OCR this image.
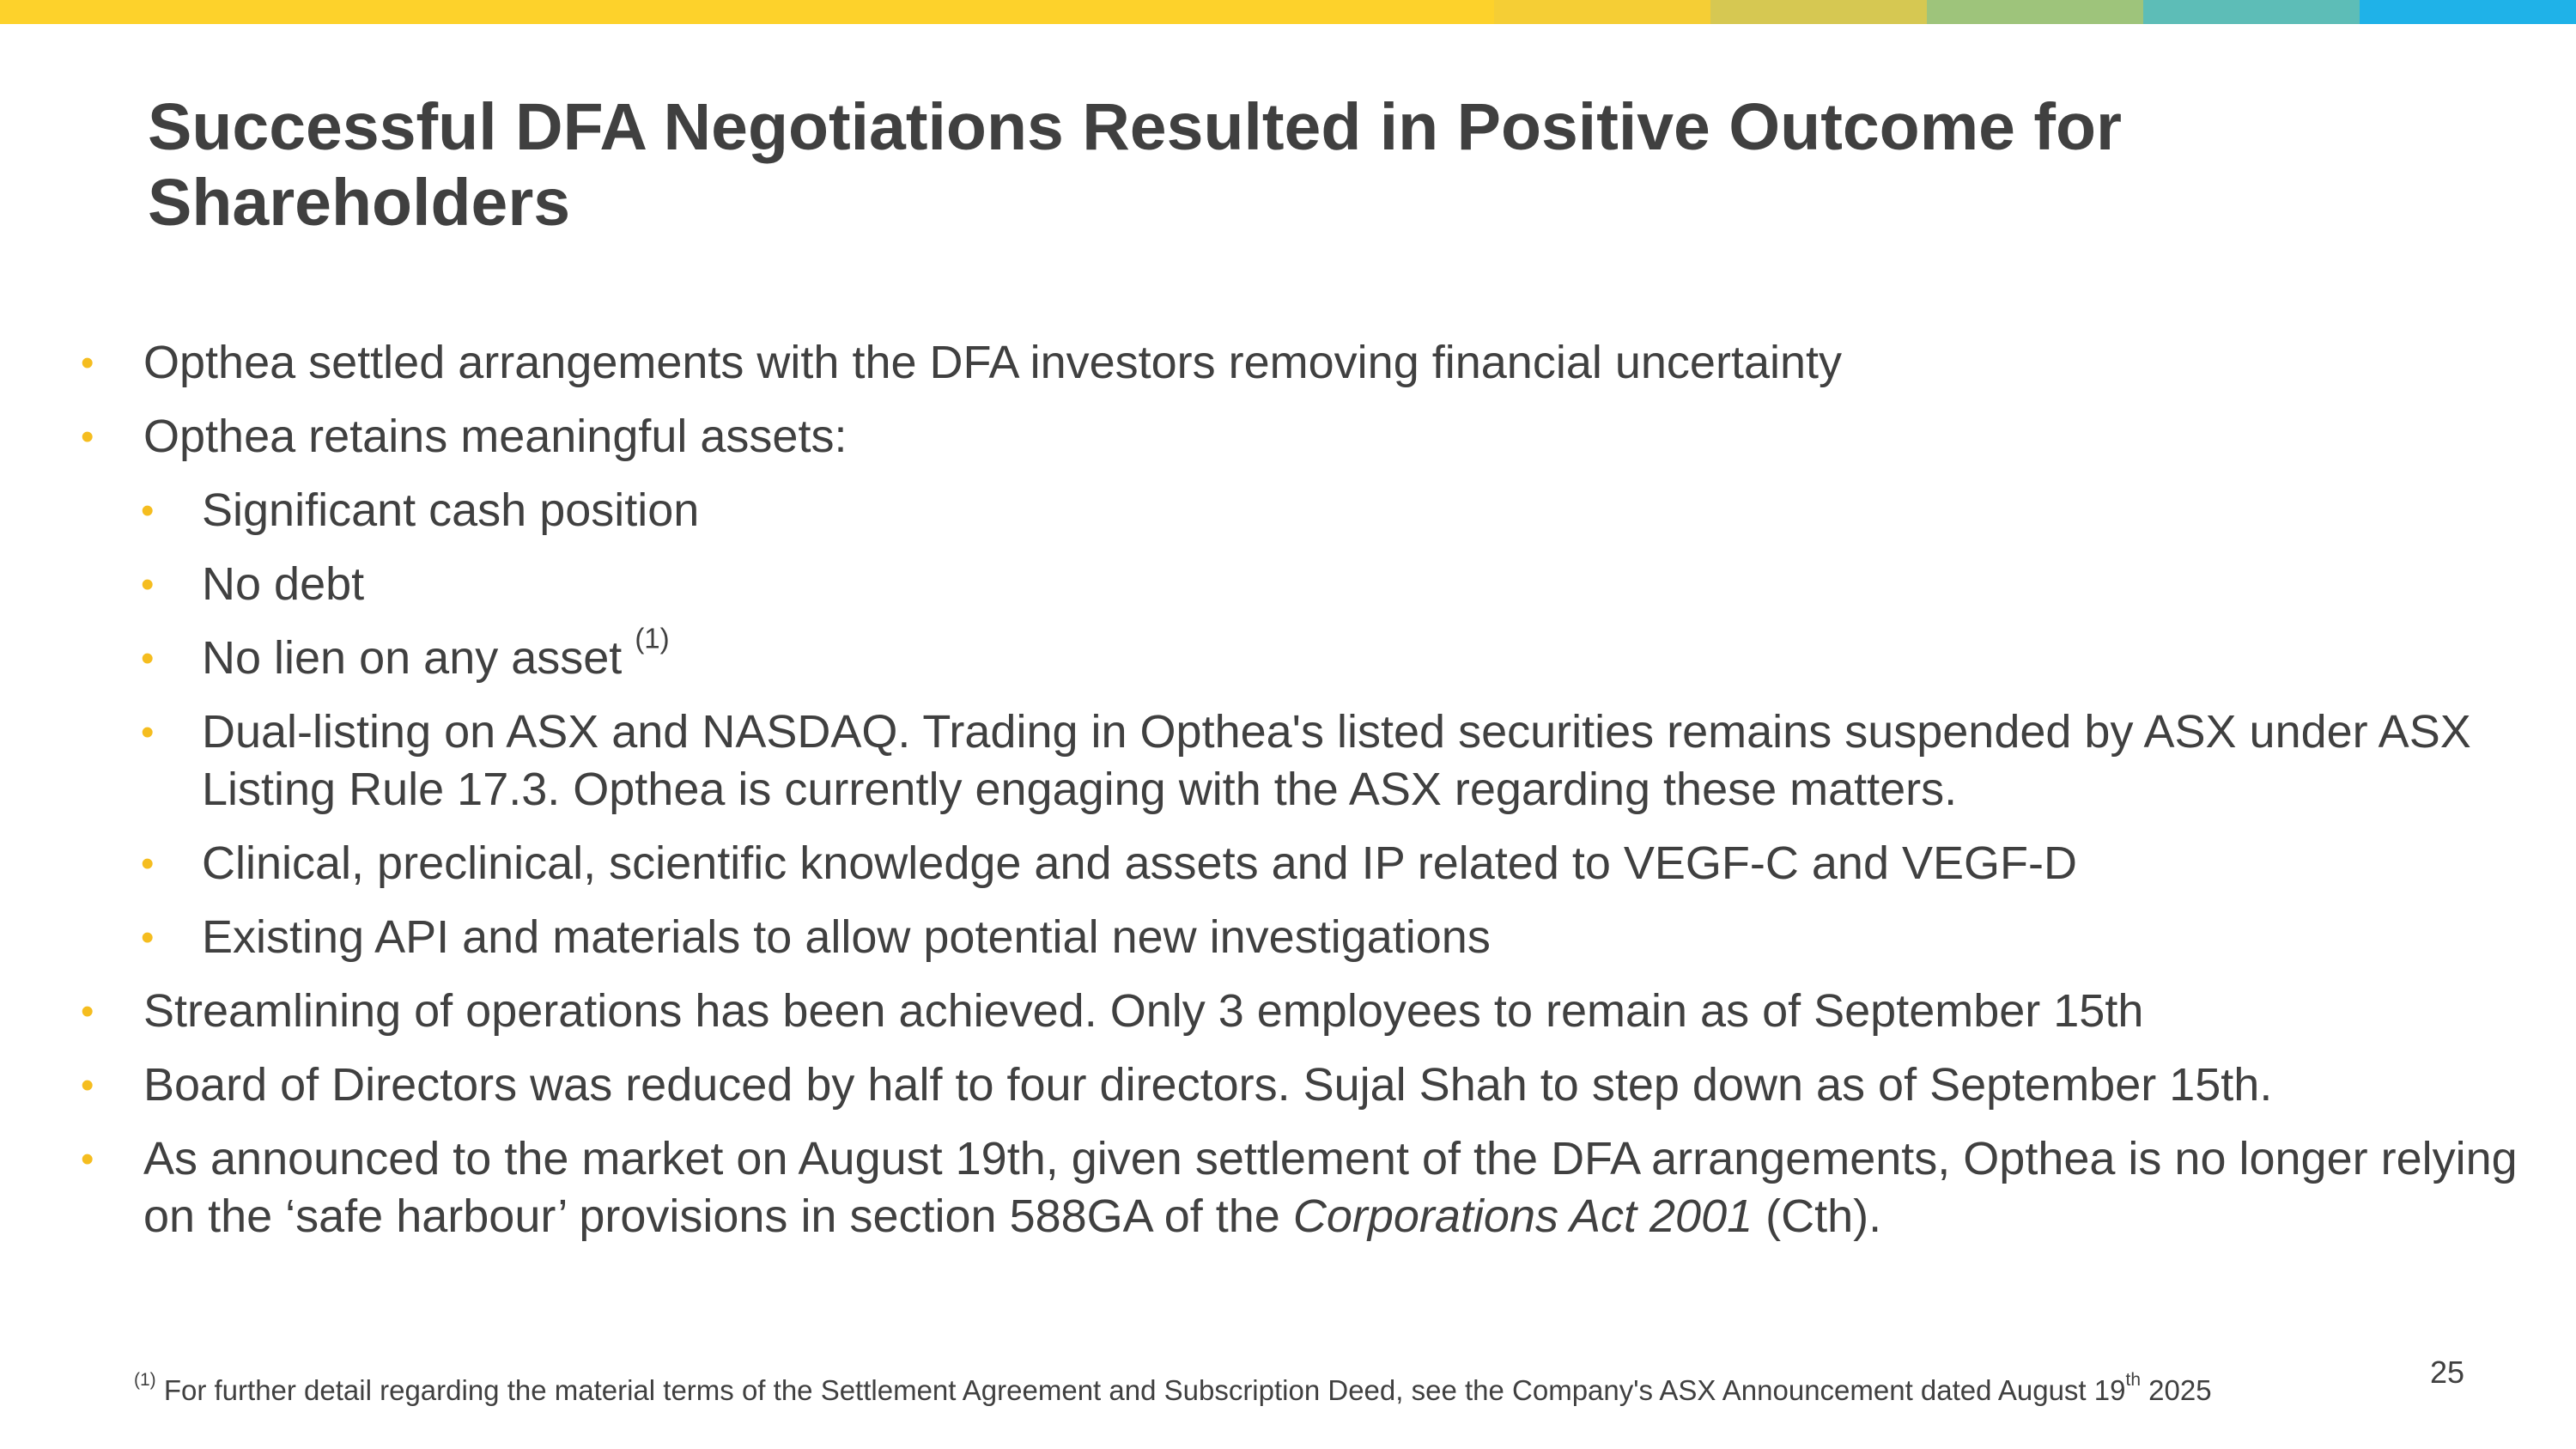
Successful DFA Negotiations Resulted in Positive Outcome for Shareholders
• Opthea settled arrangements with the DFA investors removing financial uncertainty
• Opthea retains meaningful assets:
• Significant cash position
• No debt
• No lien on any asset $^{(1)}$
• Dual-listing on ASX and NASDAQ. Trading in Opthea's listed securities remains suspended by ASX under ASX Listing Rule 17.3. Opthea is currently engaging with the ASX regarding these matters.
• Clinical, preclinical, scientific knowledge and assets and IP related to VEGF-C and VEGF-D
• Existing API and materials to allow potential new investigations
• Streamlining of operations has been achieved. Only 3 employees to remain as of September 15th
• Board of Directors was reduced by half to four directors. Sujal Shah to step down as of September 15th.
• As announced to the market on August 19th, given settlement of the DFA arrangements, Opthea is no longer relying on the ‘safe harbour’ provisions in section 588GA of the Corporations Act 2001 (Cth).
$^{(1)}$ For further detail regarding the material terms of the Settlement Agreement and Subscription Deed, see the Company's ASX Announcement dated August 19th 2025
25
